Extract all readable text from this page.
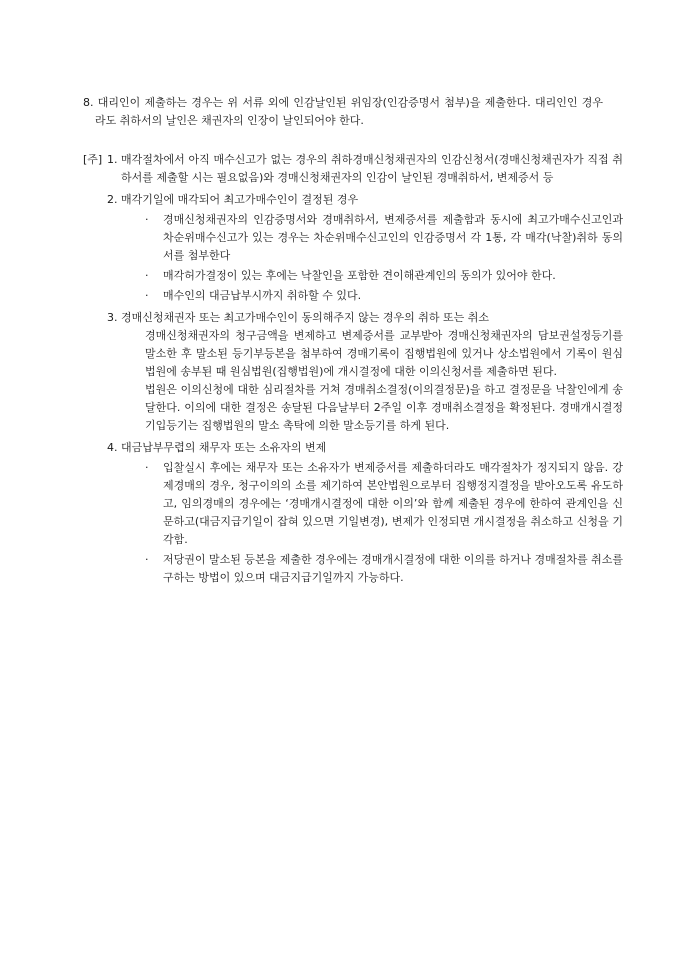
8. 대리인이 제출하는 경우는 위 서류 외에 인감날인된 위임장(인감증명서 첨부)을 제출한다. 대리인인 경우라도 취하서의 날인은 채권자의 인장이 날인되어야 한다.
[주] 1. 매각절차에서 아직 매수신고가 없는 경우의 취하경매신청채권자의 인감신청서(경매신청채권자가 직접 취하서를 제출할 시는 필요없음)와 경매신청채권자의 인감이 날인된 경매취하서, 변제증서 등
2. 매각기일에 매각되어 최고가매수인이 결정된 경우
·	경매신청채권자의 인감증명서와 경매취하서, 변제증서를 제출함과 동시에 최고가매수신고인과 차순위매수신고가 있는 경우는 차순위매수신고인의 인감증명서 각 1통, 각 매각(낙찰)취하 동의서를 첨부한다
·	매각허가결정이 있는 후에는 낙찰인을 포함한 견이해관계인의 동의가 있어야 한다.
·	매수인의 대금납부시까지 취하할 수 있다.
3. 경매신청채권자 또는 최고가매수인이 동의해주지 않는 경우의 취하 또는 취소
경매신청채권자의 청구금액을 변제하고 변제증서를 교부받아 경매신청채권자의 담보권설정등기를 말소한 후 말소된 등기부등본을 첨부하여 경매기록이 집행법원에 있거나 상소법원에서 기록이 원심 법원에 송부된 때 원심법원(집행법원)에 개시결정에 대한 이의신청서를 제출하면 된다.
법원은 이의신청에 대한 심리절차를 거쳐 경매취소결정(이의결정문)을 하고 결정문을 낙찰인에게 송달한다. 이의에 대한 결정은 송달된 다음날부터 2주일 이후 경매취소결정을 확정된다. 경매개시결정 기입등기는 집행법원의 말소 촉탁에 의한 말소등기를 하게 된다.
4. 대금납부무렵의 채무자 또는 소유자의 변제
·	입찰실시 후에는 채무자 또는 소유자가 변제증서를 제출하더라도 매각절차가 정지되지 않음. 강제경매의 경우, 청구이의의 소를 제기하여 본안법원으로부터 집행정지결정을 받아오도록 유도하고, 임의경매의 경우에는 ‘경매개시결정에 대한 이의’와 함께 제출된 경우에 한하여 관계인을 신문하고(대금지급기일이 잡혀 있으면 기일변경), 변제가 인정되면 개시결정을 취소하고 신청을 기각함.
·	저당권이 말소된 등본을 제출한 경우에는 경매개시결정에 대한 이의를 하거나 경매절차를 취소를 구하는 방법이 있으며 대금지급기일까지 가능하다.
